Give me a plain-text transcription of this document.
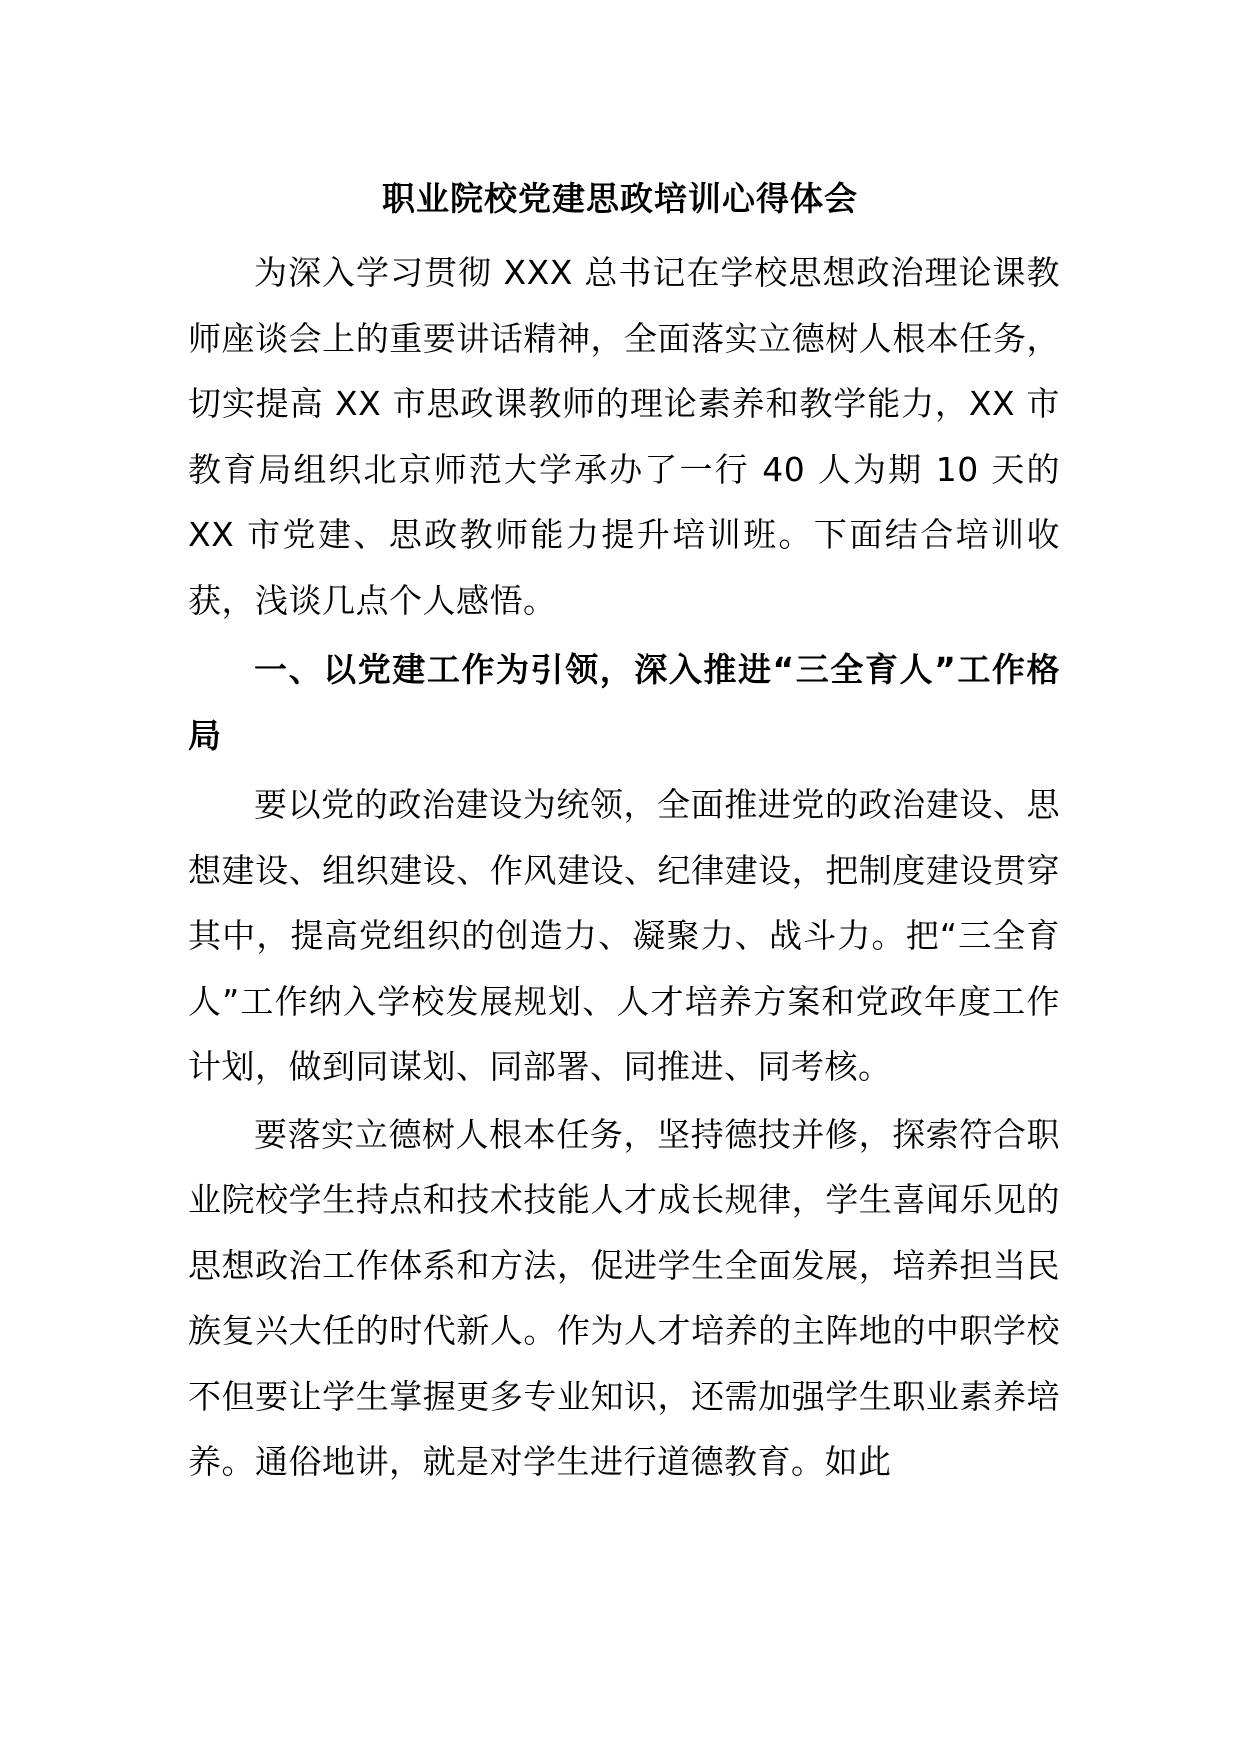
职业院校党建思政培训心得体会

为深入学习贯彻 XXX 总书记在学校思想政治理论课教师座谈会上的重要讲话精神，全面落实立德树人根本任务，切实提高 XX 市思政课教师的理论素养和教学能力，XX 市教育局组织北京师范大学承办了一行 40 人为期 10 天的 XX 市党建、思政教师能力提升培训班。下面结合培训收获，浅谈几点个人感悟。

一、以党建工作为引领，深入推进“三全育人”工作格局

要以党的政治建设为统领，全面推进党的政治建设、思想建设、组织建设、作风建设、纪律建设，把制度建设贯穿其中，提高党组织的创造力、凝聚力、战斗力。把“三全育人”工作纳入学校发展规划、人才培养方案和党政年度工作计划，做到同谋划、同部署、同推进、同考核。

要落实立德树人根本任务，坚持德技并修，探索符合职业院校学生持点和技术技能人才成长规律，学生喜闻乐见的思想政治工作体系和方法，促进学生全面发展，培养担当民族复兴大任的时代新人。作为人才培养的主阵地的中职学校不但要让学生掌握更多专业知识，还需加强学生职业素养培养。通俗地讲，就是对学生进行道德教育。如此
